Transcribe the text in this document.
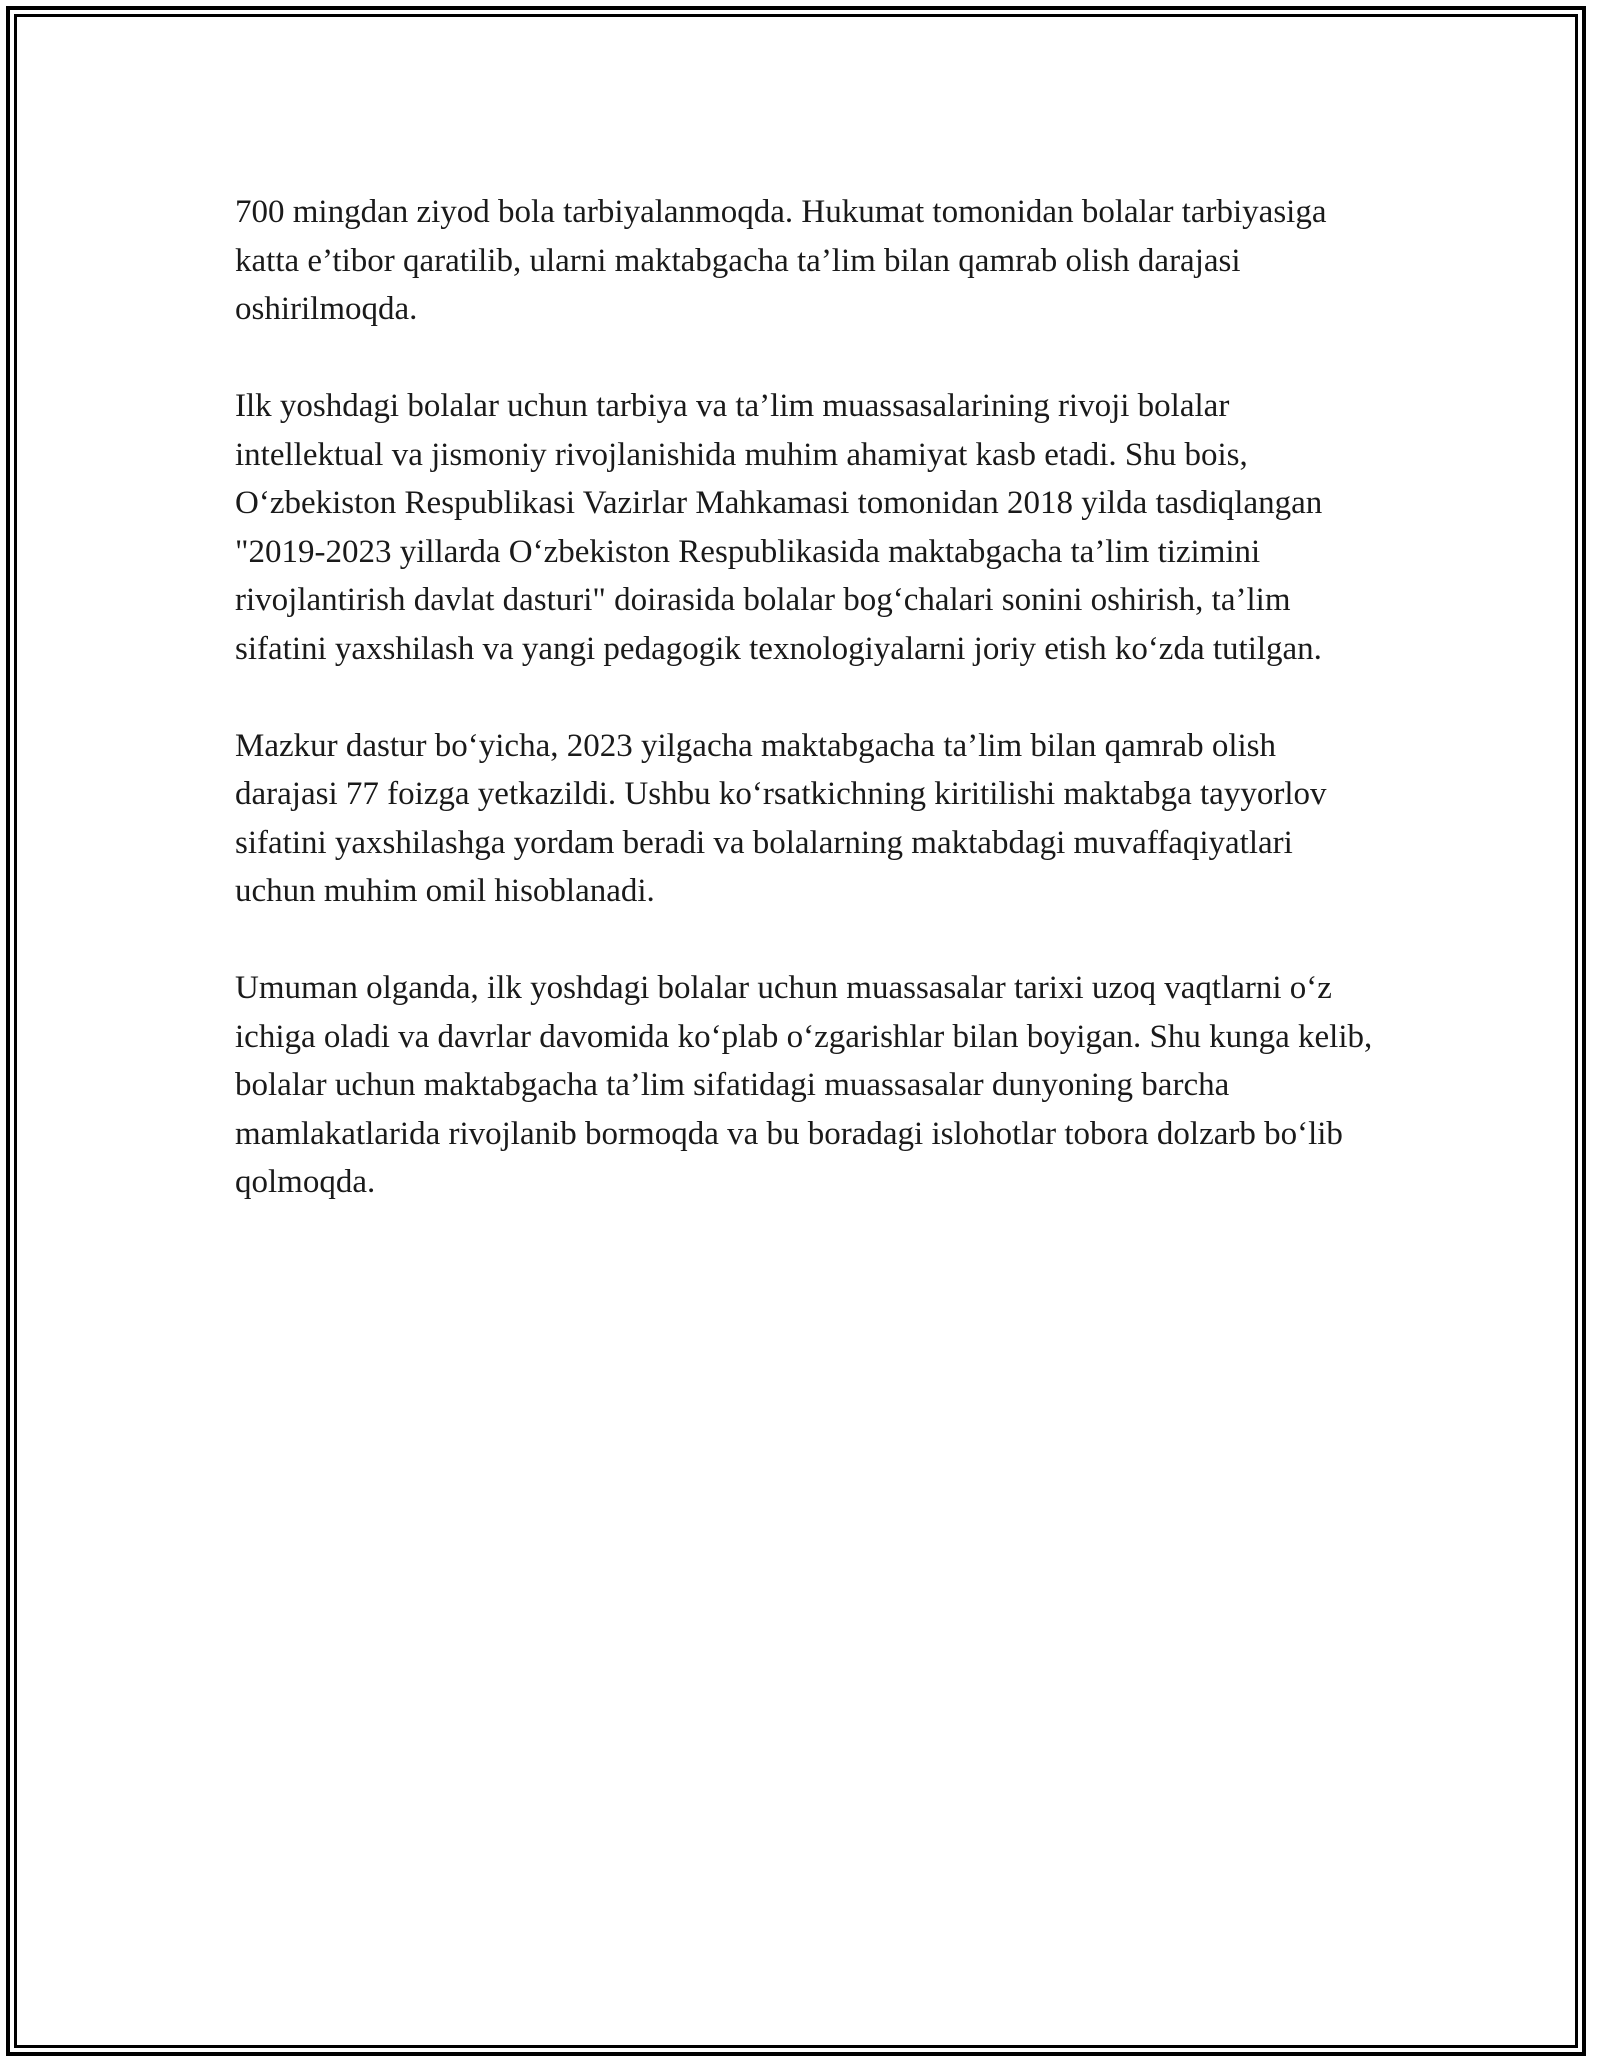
700 mingdan ziyod bola tarbiyalanmoqda. Hukumat tomonidan bolalar tarbiyasiga katta e’tibor qaratilib, ularni maktabgacha ta’lim bilan qamrab olish darajasi oshirilmoqda.

Ilk yoshdagi bolalar uchun tarbiya va ta’lim muassasalarining rivoji bolalar intellektual va jismoniy rivojlanishida muhim ahamiyat kasb etadi. Shu bois, O‘zbekiston Respublikasi Vazirlar Mahkamasi tomonidan 2018 yilda tasdiqlangan "2019-2023 yillarda O‘zbekiston Respublikasida maktabgacha ta’lim tizimini rivojlantirish davlat dasturi" doirasida bolalar bog‘chalari sonini oshirish, ta’lim sifatini yaxshilash va yangi pedagogik texnologiyalarni joriy etish ko‘zda tutilgan.

Mazkur dastur bo‘yicha, 2023 yilgacha maktabgacha ta’lim bilan qamrab olish darajasi 77 foizga yetkazildi. Ushbu ko‘rsatkichning kiritilishi maktabga tayyorlov sifatini yaxshilashga yordam beradi va bolalarning maktabdagi muvaffaqiyatlari uchun muhim omil hisoblanadi.

Umuman olganda, ilk yoshdagi bolalar uchun muassasalar tarixi uzoq vaqtlarni o‘z ichiga oladi va davrlar davomida ko‘plab o‘zgarishlar bilan boyigan. Shu kunga kelib, bolalar uchun maktabgacha ta’lim sifatidagi muassasalar dunyoning barcha mamlakatlarida rivojlanib bormoqda va bu boradagi islohotlar tobora dolzarb bo‘lib qolmoqda.
